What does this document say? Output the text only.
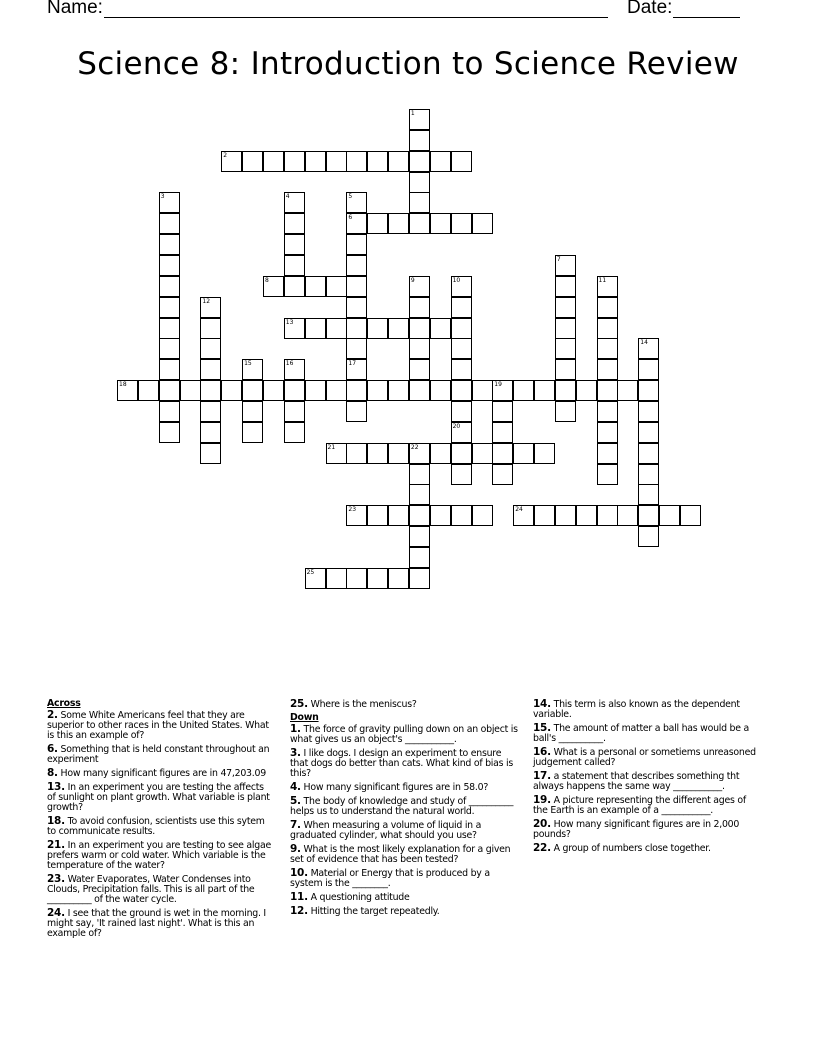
Name:	Date:
Science 8: Introduction to Science Review
1
2
3	4	5
6
17
7
8	9	10
20
11
12
13
14
15	16
18	19
21	22
23	24
25
Across
2. Some White Americans feel that they are superior to other races in the United States. What is this an example of?
6. Something that is held constant throughout an experiment
8. How many significant figures are in 47,203.09
13. In an experiment you are testing the affects of sunlight on plant growth. What variable is plant growth?
18. To avoid confusion, scientists use this sytem to communicate results.
21. In an experiment you are testing to see algae prefers warm or cold water. Which variable is the temperature of the water?
23. Water Evaporates, Water Condenses into Clouds, Precipitation falls. This is all part of the __________ of the water cycle.
24. I see that the ground is wet in the morning. I might say, 'It rained last night'. What is this an example of?
25. Where is the meniscus?
Down
1. The force of gravity pulling down on an object is what gives us an object's ___________.
3. I like dogs. I design an experiment to ensure that dogs do better than cats. What kind of bias is this?
4. How many significant figures are in 58.0?
5. The body of knowledge and study of __________ helps us to understand the natural world.
7. When measuring a volume of liquid in a graduated cylinder, what should you use?
9. What is the most likely explanation for a given set of evidence that has been tested?
10. Material or Energy that is produced by a system is the ________.
11. A questioning attitude
12. Hitting the target repeatedly.
14. This term is also known as the dependent variable.
15. The amount of matter a ball has would be a ball's __________.
16. What is a personal or sometiems unreasoned judgement called?
17. a statement that describes something tht always happens the same way ___________.
19. A picture representing the different ages of the Earth is an example of a ___________.
20. How many significant figures are in 2,000 pounds?
22. A group of numbers close together.
